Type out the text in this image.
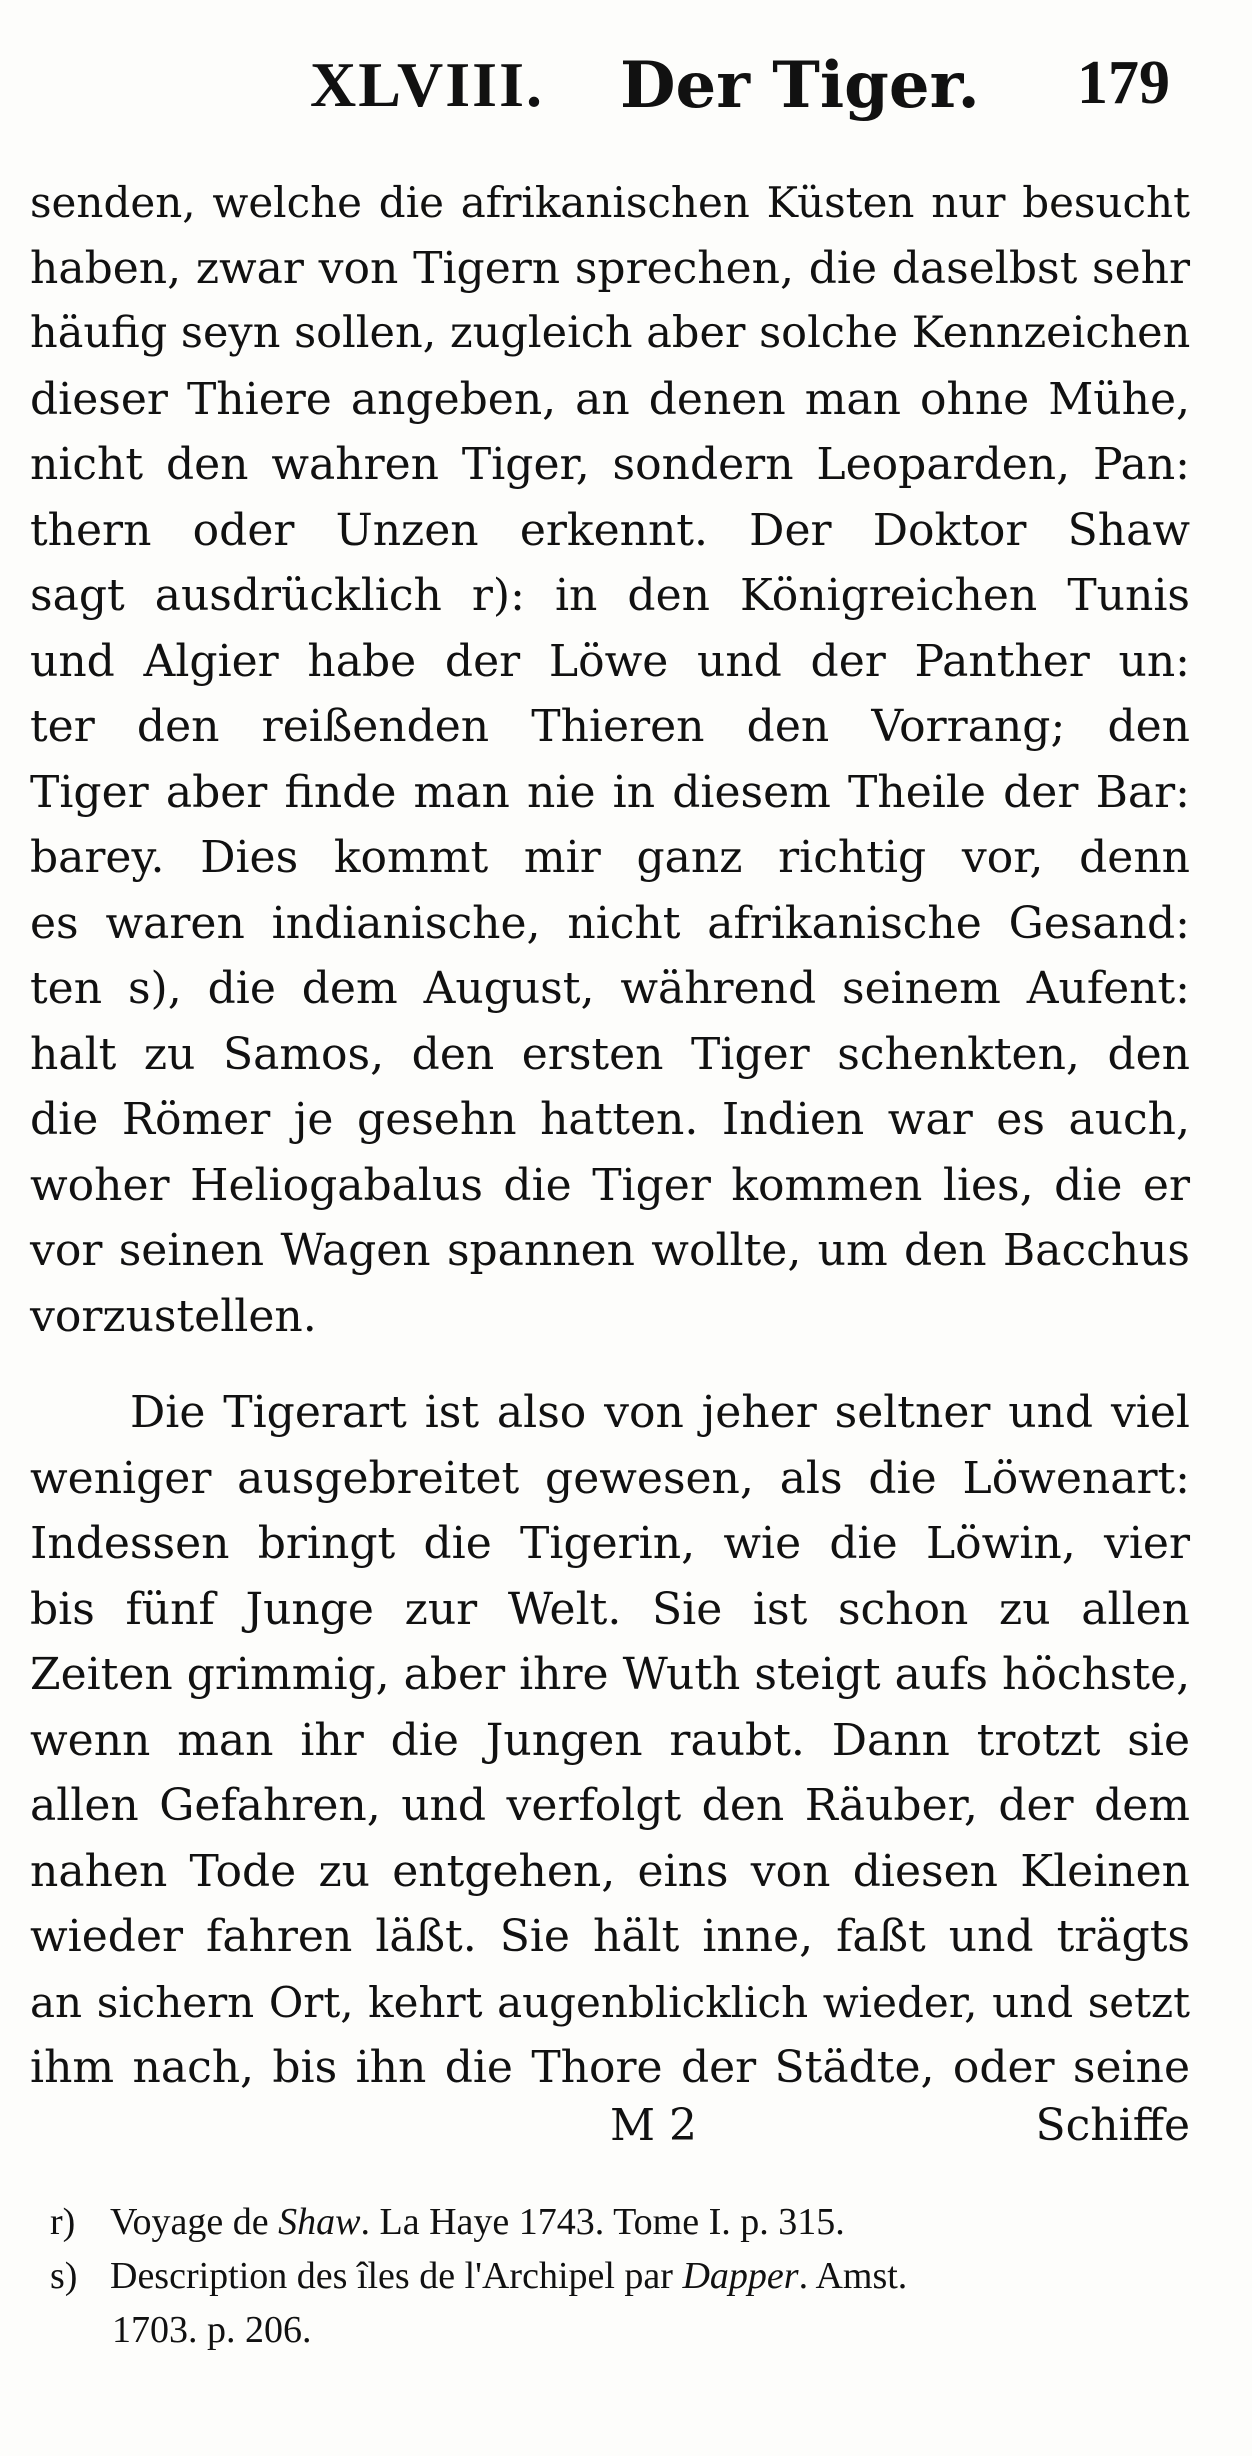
XLVIII. Der Tiger. 179
senden, welche die afrikanischen Küsten nur besucht
haben, zwar von Tigern sprechen, die daselbst sehr
häufig seyn sollen, zugleich aber solche Kennzeichen
dieser Thiere angeben, an denen man ohne Mühe,
nicht den wahren Tiger, sondern Leoparden, Pan:
thern oder Unzen erkennt. Der Doktor Shaw
sagt ausdrücklich r): in den Königreichen Tunis
und Algier habe der Löwe und der Panther un:
ter den reißenden Thieren den Vorrang; den
Tiger aber finde man nie in diesem Theile der Bar:
barey. Dies kommt mir ganz richtig vor, denn
es waren indianische, nicht afrikanische Gesand:
ten s), die dem August, während seinem Aufent:
halt zu Samos, den ersten Tiger schenkten, den
die Römer je gesehn hatten. Indien war es auch,
woher Heliogabalus die Tiger kommen lies, die er
vor seinen Wagen spannen wollte, um den Bacchus
vorzustellen.
Die Tigerart ist also von jeher seltner und viel
weniger ausgebreitet gewesen, als die Löwenart:
Indessen bringt die Tigerin, wie die Löwin, vier
bis fünf Junge zur Welt. Sie ist schon zu allen
Zeiten grimmig, aber ihre Wuth steigt aufs höchste,
wenn man ihr die Jungen raubt. Dann trotzt sie
allen Gefahren, und verfolgt den Räuber, der dem
nahen Tode zu entgehen, eins von diesen Kleinen
wieder fahren läßt. Sie hält inne, faßt und trägts
an sichern Ort, kehrt augenblicklich wieder, und setzt
ihm nach, bis ihn die Thore der Städte, oder seine
M 2	Schiffe
r) Voyage de Shaw. La Haye 1743. Tome I. p. 315.
s) Description des îles de l'Archipel par Dapper. Amst.
1703. p. 206.
